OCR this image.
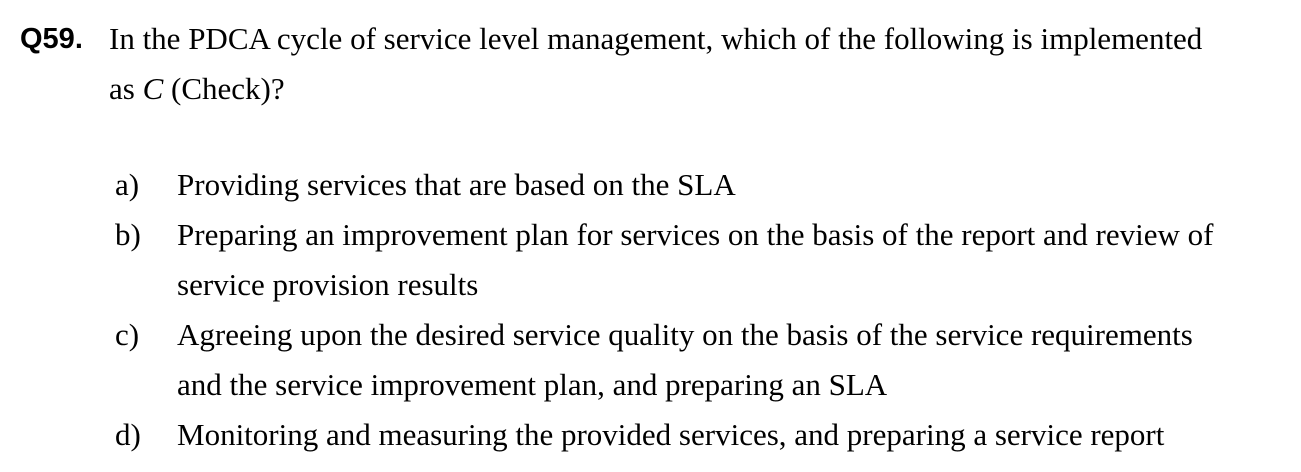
Q59. In the PDCA cycle of service level management, which of the following is implemented
as C (Check)?
a) Providing services that are based on the SLA
b) Preparing an improvement plan for services on the basis of the report and review of
service provision results
c) Agreeing upon the desired service quality on the basis of the service requirements
and the service improvement plan, and preparing an SLA
d) Monitoring and measuring the provided services, and preparing a service report
